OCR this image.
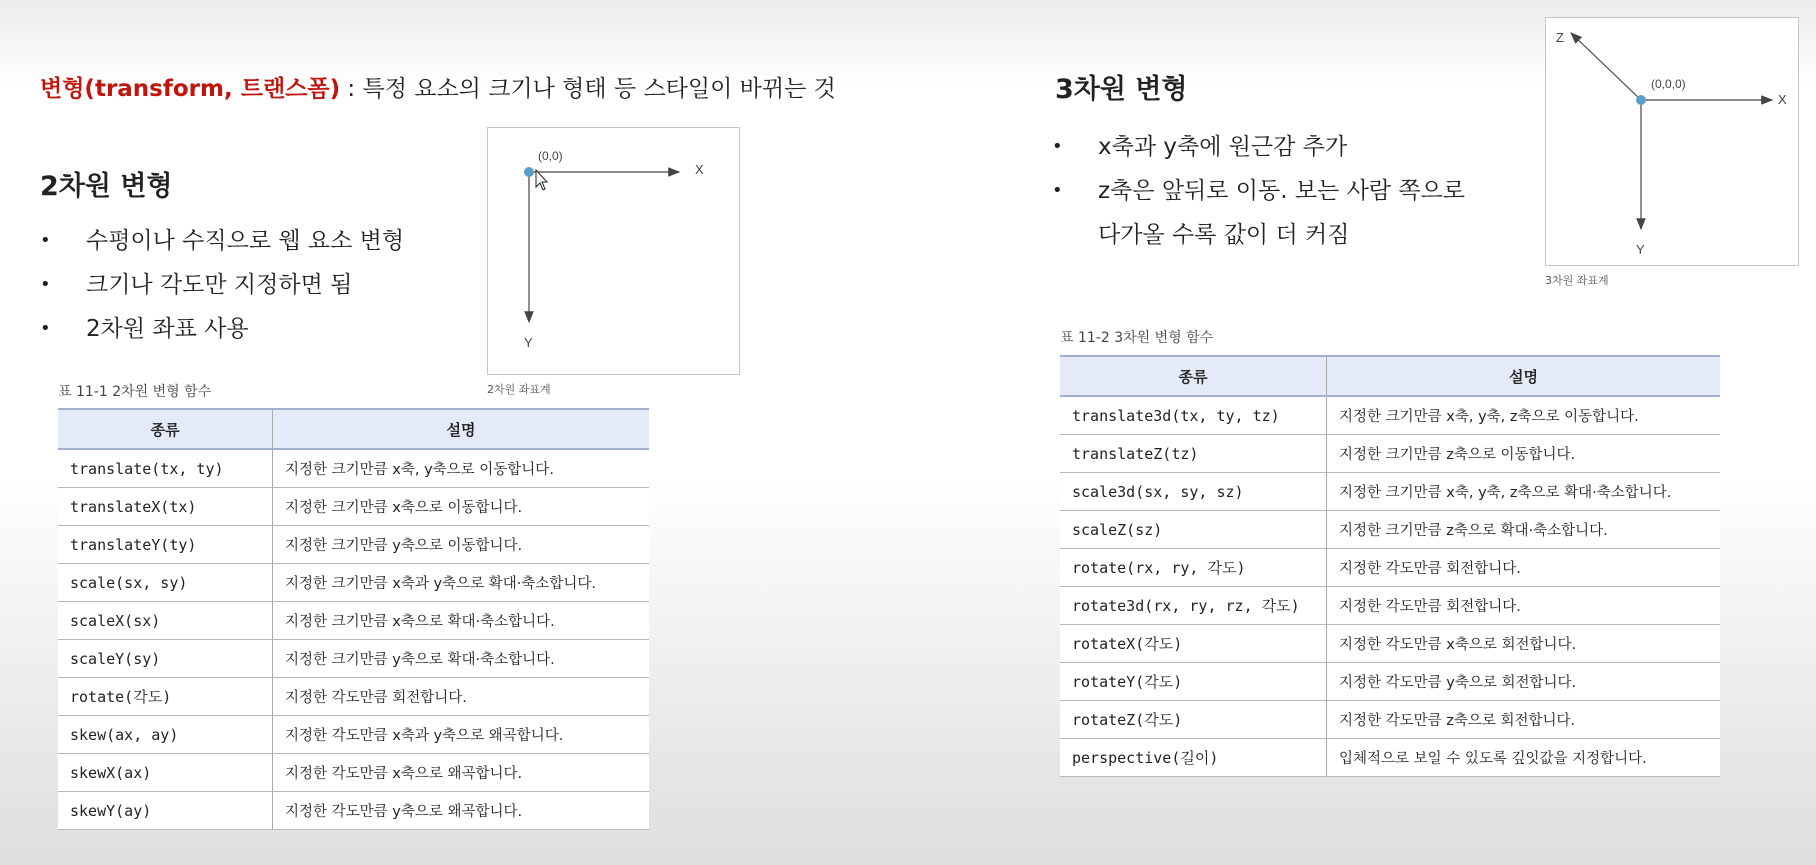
변형(transform, 트랜스폼) : 특정 요소의 크기나 형태 등 스타일이 바뀌는 것
2차원 변형
• 수평이나 수직으로 웹 요소 변형
• 크기나 각도만 지정하면 됨
• 2차원 좌표 사용
(0,0)
X
Y
2차원 좌표계
표 11-1 2차원 변형 함수
종류	설명
translate(tx, ty)	지정한 크기만큼 x축, y축으로 이동합니다.
translateX(tx)	지정한 크기만큼 x축으로 이동합니다.
translateY(ty)	지정한 크기만큼 y축으로 이동합니다.
scale(sx, sy)	지정한 크기만큼 x축과 y축으로 확대·축소합니다.
scaleX(sx)	지정한 크기만큼 x축으로 확대·축소합니다.
scaleY(sy)	지정한 크기만큼 y축으로 확대·축소합니다.
rotate(각도)	지정한 각도만큼 회전합니다.
skew(ax, ay)	지정한 각도만큼 x축과 y축으로 왜곡합니다.
skewX(ax)	지정한 각도만큼 x축으로 왜곡합니다.
skewY(ay)	지정한 각도만큼 y축으로 왜곡합니다.
3차원 변형
• x축과 y축에 원근감 추가
• z축은 앞뒤로 이동. 보는 사람 쪽으로
다가올 수록 값이 더 커짐
(0,0,0)
X
Y
Z
3차원 좌표계
표 11-2 3차원 변형 함수
종류	설명
translate3d(tx, ty, tz)	지정한 크기만큼 x축, y축, z축으로 이동합니다.
translateZ(tz)	지정한 크기만큼 z축으로 이동합니다.
scale3d(sx, sy, sz)	지정한 크기만큼 x축, y축, z축으로 확대·축소합니다.
scaleZ(sz)	지정한 크기만큼 z축으로 확대·축소합니다.
rotate(rx, ry, 각도)	지정한 각도만큼 회전합니다.
rotate3d(rx, ry, rz, 각도)	지정한 각도만큼 회전합니다.
rotateX(각도)	지정한 각도만큼 x축으로 회전합니다.
rotateY(각도)	지정한 각도만큼 y축으로 회전합니다.
rotateZ(각도)	지정한 각도만큼 z축으로 회전합니다.
perspective(길이)	입체적으로 보일 수 있도록 깊잇값을 지정합니다.
